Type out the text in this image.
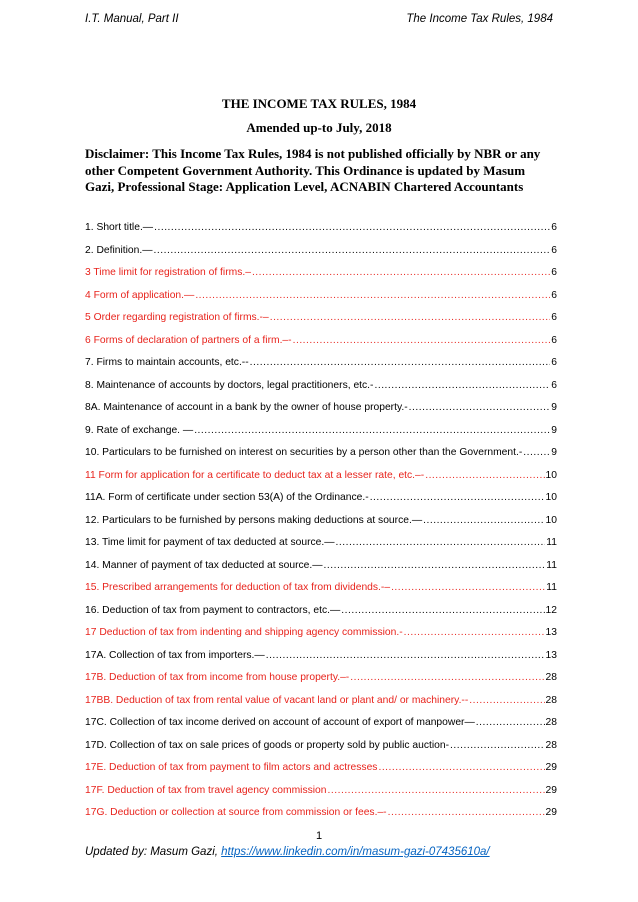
I.T. Manual, Part II	The Income Tax Rules, 1984
THE INCOME TAX RULES, 1984
Amended up-to July, 2018
Disclaimer: This Income Tax Rules, 1984 is not published officially by NBR or any other Competent Government Authority. This Ordinance is updated by Masum Gazi, Professional Stage: Application Level, ACNABIN Chartered Accountants
1. Short title.— .....	6
2. Definition.— .....	6
3 Time limit for registration of firms.– .....	6
4 Form of application.— .....	6
5 Order regarding registration of firms.-– .....	6
6 Forms of declaration of partners of a firm.–- .....	6
7. Firms to maintain accounts, etc.-- .....	6
8. Maintenance of accounts by doctors, legal practitioners, etc.- .....	6
8A. Maintenance of account in a bank by the owner of house property.- .....	9
9. Rate of exchange. — .....	9
10. Particulars to be furnished on interest on securities by a person other than the Government.- .....	9
11 Form for application for a certificate to deduct tax at a lesser rate, etc.–- .....	10
11A. Form of certificate under section 53(A) of the Ordinance.- .....	10
12. Particulars to be furnished by persons making deductions at source.— .....	10
13. Time limit for payment of tax deducted at source.— .....	11
14. Manner of payment of tax deducted at source.— .....	11
15. Prescribed arrangements for deduction of tax from dividends.-– .....	11
16. Deduction of tax from payment to contractors, etc.— .....	12
17 Deduction of tax from indenting and shipping agency commission.- .....	13
17A. Collection of tax from importers.— .....	13
17B. Deduction of tax from income from house property.–- .....	28
17BB. Deduction of tax from rental value of vacant land or plant and/ or machinery.-- .....	28
17C. Collection of tax income derived on account of account of export of manpower— .....	28
17D. Collection of tax on sale prices of goods or property sold by public auction- .....	28
17E. Deduction of tax from payment to film actors and actresses .....	29
17F. Deduction of tax from travel agency commission .....	29
17G. Deduction or collection at source from commission or fees.–- .....	29
1
Updated by: Masum Gazi, https://www.linkedin.com/in/masum-gazi-07435610a/
